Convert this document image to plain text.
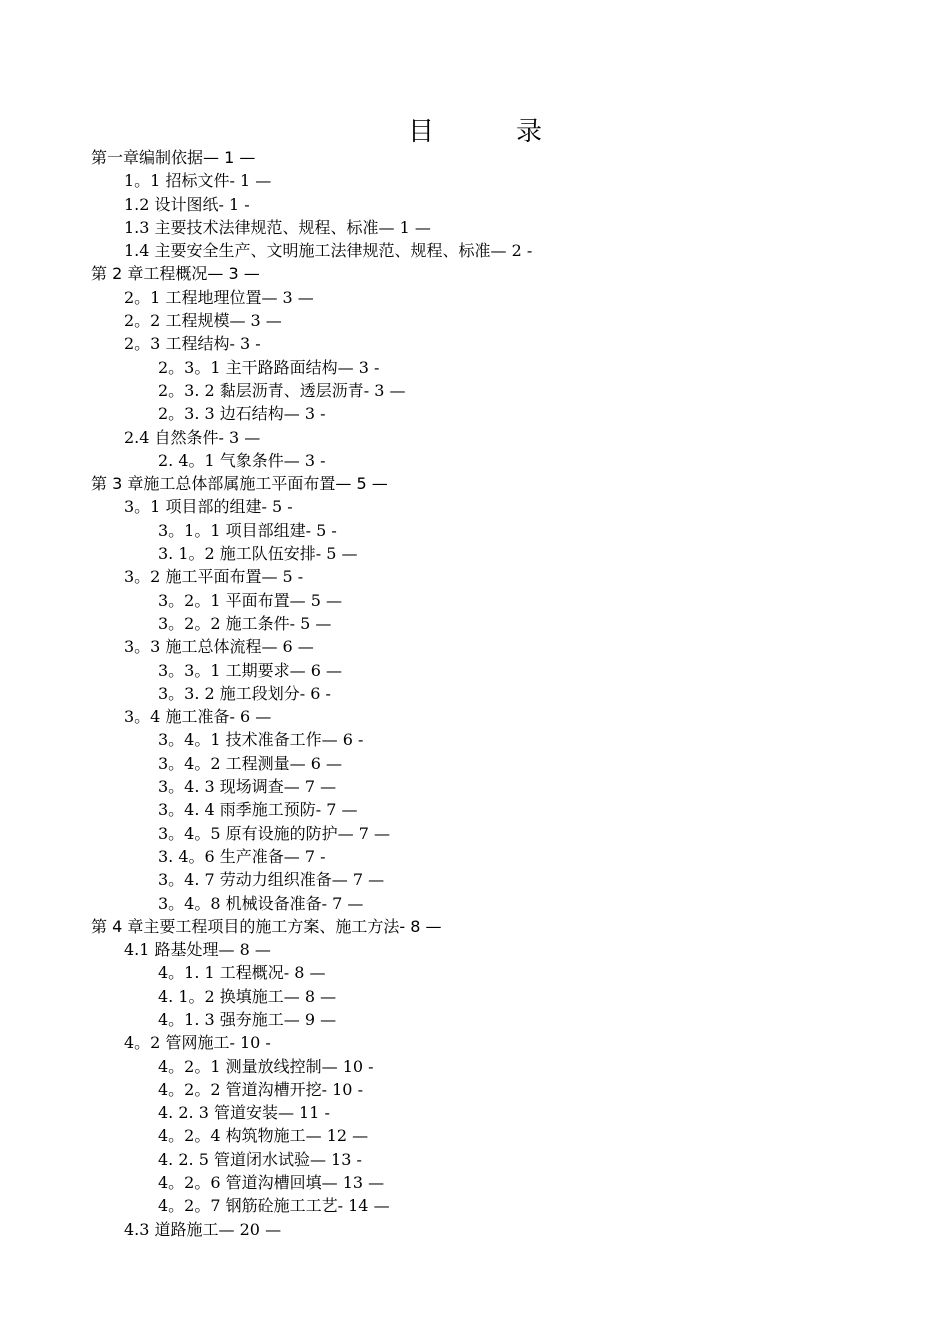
目　录
第一章编制依据— 1 —
1。1 招标文件- 1 —
1.2 设计图纸- 1 -
1.3 主要技术法律规范、规程、标准— 1 —
1.4 主要安全生产、文明施工法律规范、规程、标准— 2 -
第 2 章工程概况— 3 —
2。1 工程地理位置— 3 —
2。2 工程规模— 3 —
2。3 工程结构- 3 -
2。3。1 主干路路面结构— 3 -
2。3. 2 黏层沥青、透层沥青- 3 —
2。3. 3 边石结构— 3 -
2.4 自然条件- 3 —
2. 4。1 气象条件— 3 -
第 3 章施工总体部属施工平面布置— 5 —
3。1 项目部的组建- 5 -
3。1。1 项目部组建- 5 -
3. 1。2 施工队伍安排- 5 —
3。2 施工平面布置— 5 -
3。2。1 平面布置— 5 —
3。2。2 施工条件- 5 —
3。3 施工总体流程— 6 —
3。3。1 工期要求— 6 —
3。3. 2 施工段划分- 6 -
3。4 施工准备- 6 —
3。4。1 技术准备工作— 6 -
3。4。2 工程测量— 6 —
3。4. 3 现场调查— 7 —
3。4. 4 雨季施工预防- 7 —
3。4。5 原有设施的防护— 7 —
3. 4。6 生产准备— 7 -
3。4. 7 劳动力组织准备— 7 —
3。4。8 机械设备准备- 7 —
第 4 章主要工程项目的施工方案、施工方法- 8 —
4.1 路基处理— 8 —
4。1. 1 工程概况- 8 —
4. 1。2 换填施工— 8 —
4。1. 3 强夯施工— 9 —
4。2 管网施工- 10 -
4。2。1 测量放线控制— 10 -
4。2。2 管道沟槽开挖- 10 -
4. 2. 3 管道安装— 11 -
4。2。4 构筑物施工— 12 —
4. 2. 5 管道闭水试验— 13 -
4。2。6 管道沟槽回填— 13 —
4。2。7 钢筋砼施工工艺- 14 —
4.3 道路施工— 20 —
